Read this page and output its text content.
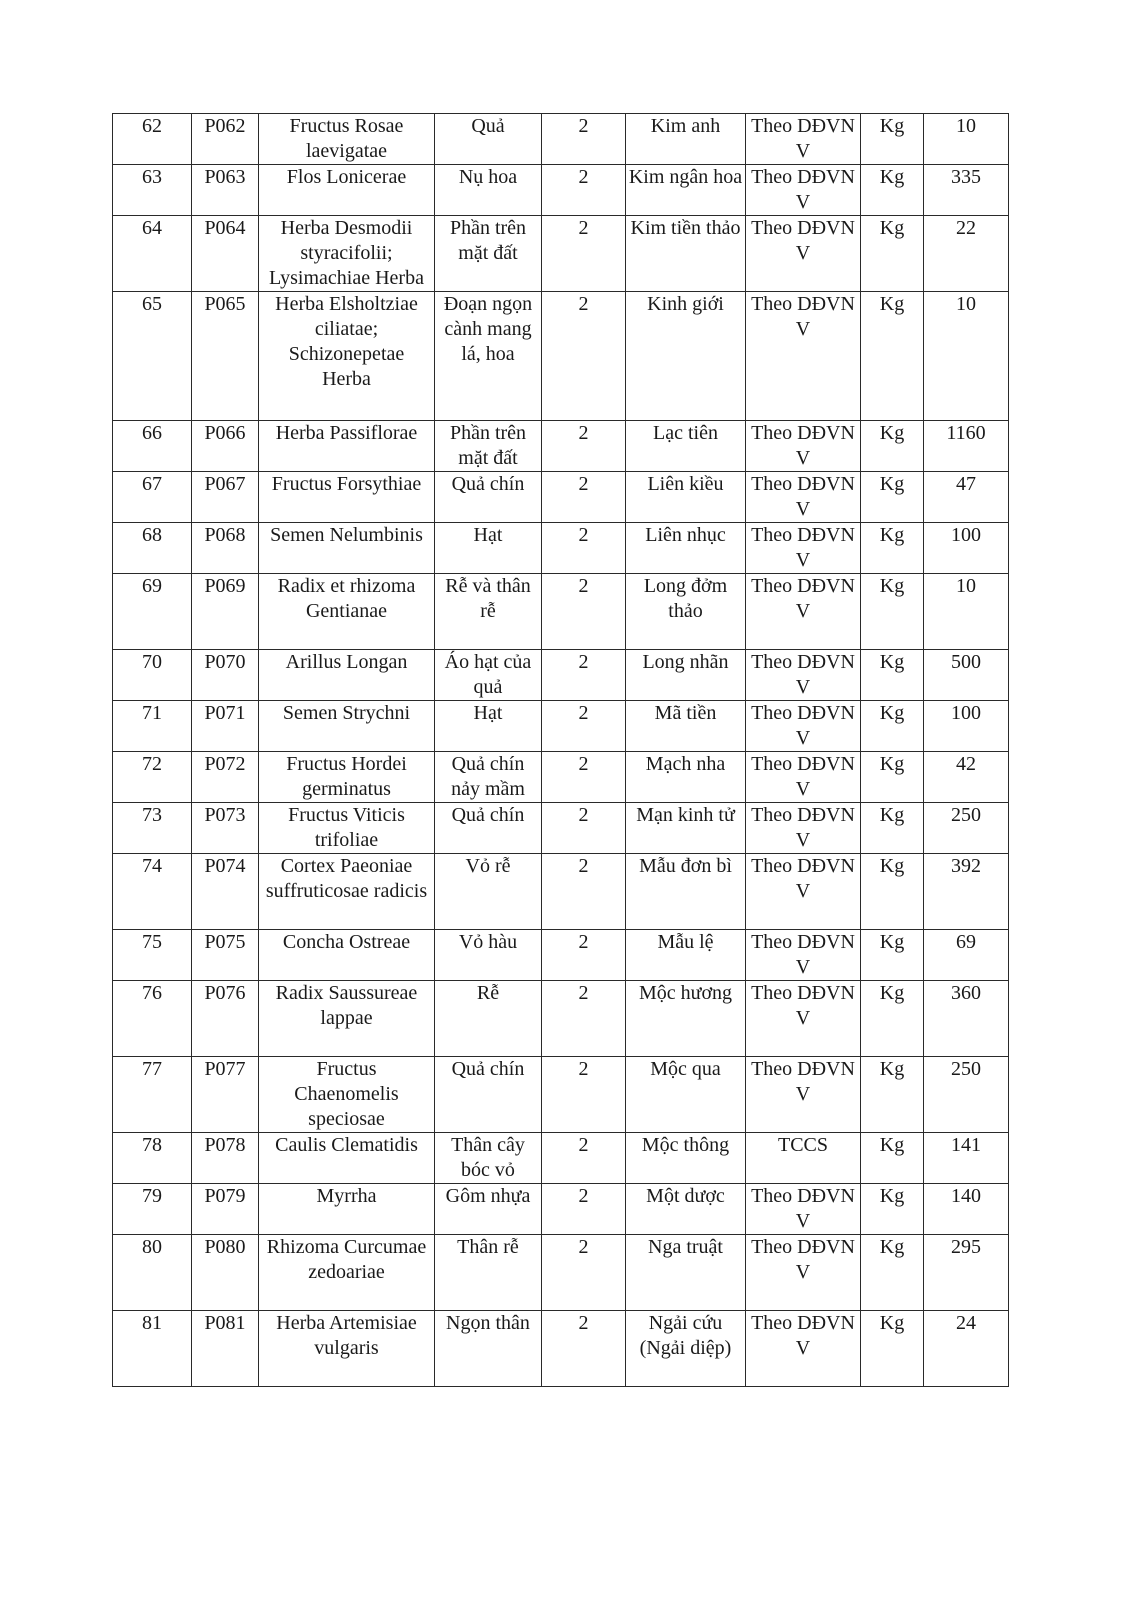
62	P062	Fructus Rosae laevigatae	Quả	2	Kim anh	Theo DĐVN V	Kg	10
63	P063	Flos Lonicerae	Nụ hoa	2	Kim ngân hoa	Theo DĐVN V	Kg	335
64	P064	Herba Desmodii styracifolii; Lysimachiae Herba	Phần trên mặt đất	2	Kim tiền thảo	Theo DĐVN V	Kg	22
65	P065	Herba Elsholtziae ciliatae; Schizonepetae Herba	Đoạn ngọn cành mang lá, hoa	2	Kinh giới	Theo DĐVN V	Kg	10
66	P066	Herba Passiflorae	Phần trên mặt đất	2	Lạc tiên	Theo DĐVN V	Kg	1160
67	P067	Fructus Forsythiae	Quả chín	2	Liên kiều	Theo DĐVN V	Kg	47
68	P068	Semen Nelumbinis	Hạt	2	Liên nhục	Theo DĐVN V	Kg	100
69	P069	Radix et rhizoma Gentianae	Rễ và thân rễ	2	Long đởm thảo	Theo DĐVN V	Kg	10
70	P070	Arillus Longan	Áo hạt của quả	2	Long nhãn	Theo DĐVN V	Kg	500
71	P071	Semen Strychni	Hạt	2	Mã tiền	Theo DĐVN V	Kg	100
72	P072	Fructus Hordei germinatus	Quả chín nảy mầm	2	Mạch nha	Theo DĐVN V	Kg	42
73	P073	Fructus Viticis trifoliae	Quả chín	2	Mạn kinh tử	Theo DĐVN V	Kg	250
74	P074	Cortex Paeoniae suffruticosae radicis	Vỏ rễ	2	Mẫu đơn bì	Theo DĐVN V	Kg	392
75	P075	Concha Ostreae	Vỏ hàu	2	Mẫu lệ	Theo DĐVN V	Kg	69
76	P076	Radix Saussureae lappae	Rễ	2	Mộc hương	Theo DĐVN V	Kg	360
77	P077	Fructus Chaenomelis speciosae	Quả chín	2	Mộc qua	Theo DĐVN V	Kg	250
78	P078	Caulis Clematidis	Thân cây bóc vỏ	2	Mộc thông	TCCS	Kg	141
79	P079	Myrrha	Gôm nhựa	2	Một dược	Theo DĐVN V	Kg	140
80	P080	Rhizoma Curcumae zedoariae	Thân rễ	2	Nga truật	Theo DĐVN V	Kg	295
81	P081	Herba Artemisiae vulgaris	Ngọn thân	2	Ngải cứu (Ngải diệp)	Theo DĐVN V	Kg	24
